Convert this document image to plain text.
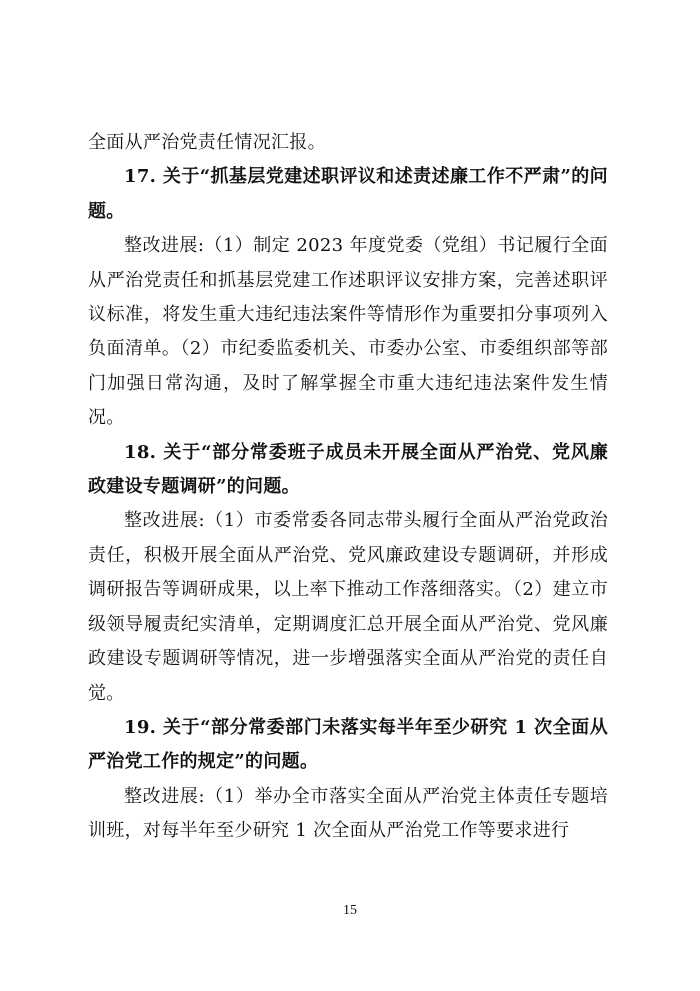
全面从严治党责任情况汇报。

17. 关于“抓基层党建述职评议和述责述廉工作不严肃”的问题。

整改进展:（1）制定 2023 年度党委（党组）书记履行全面从严治党责任和抓基层党建工作述职评议安排方案，完善述职评议标准，将发生重大违纪违法案件等情形作为重要扣分事项列入负面清单。（2）市纪委监委机关、市委办公室、市委组织部等部门加强日常沟通，及时了解掌握全市重大违纪违法案件发生情况。

18. 关于“部分常委班子成员未开展全面从严治党、党风廉政建设专题调研”的问题。

整改进展:（1）市委常委各同志带头履行全面从严治党政治责任，积极开展全面从严治党、党风廉政建设专题调研，并形成调研报告等调研成果，以上率下推动工作落细落实。（2）建立市级领导履责纪实清单，定期调度汇总开展全面从严治党、党风廉政建设专题调研等情况，进一步增强落实全面从严治党的责任自觉。

19. 关于“部分常委部门未落实每半年至少研究 1 次全面从严治党工作的规定”的问题。

整改进展:（1）举办全市落实全面从严治党主体责任专题培训班，对每半年至少研究 1 次全面从严治党工作等要求进行

15
